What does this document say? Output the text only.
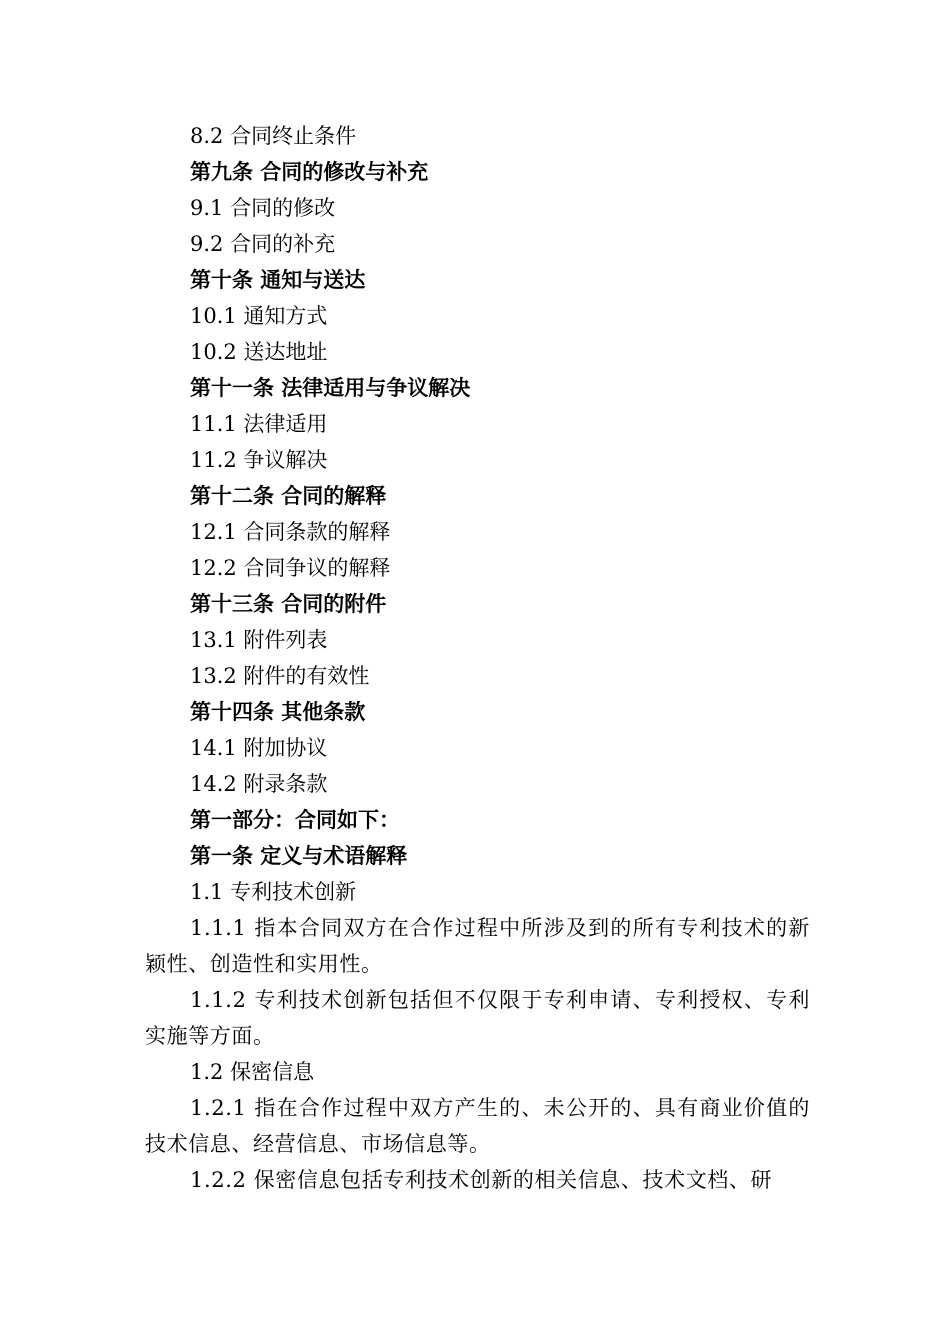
8.2 合同终止条件

第九条 合同的修改与补充

9.1 合同的修改

9.2 合同的补充

第十条 通知与送达

10.1 通知方式

10.2 送达地址

第十一条 法律适用与争议解决

11.1 法律适用

11.2 争议解决

第十二条 合同的解释

12.1 合同条款的解释

12.2 合同争议的解释

第十三条 合同的附件

13.1 附件列表

13.2 附件的有效性

第十四条 其他条款

14.1 附加协议

14.2 附录条款

第一部分：合同如下：

第一条 定义与术语解释

1.1 专利技术创新

1.1.1 指本合同双方在合作过程中所涉及到的所有专利技术的新颖性、创造性和实用性。

1.1.2 专利技术创新包括但不仅限于专利申请、专利授权、专利实施等方面。

1.2 保密信息

1.2.1 指在合作过程中双方产生的、未公开的、具有商业价值的技术信息、经营信息、市场信息等。

1.2.2 保密信息包括专利技术创新的相关信息、技术文档、研
